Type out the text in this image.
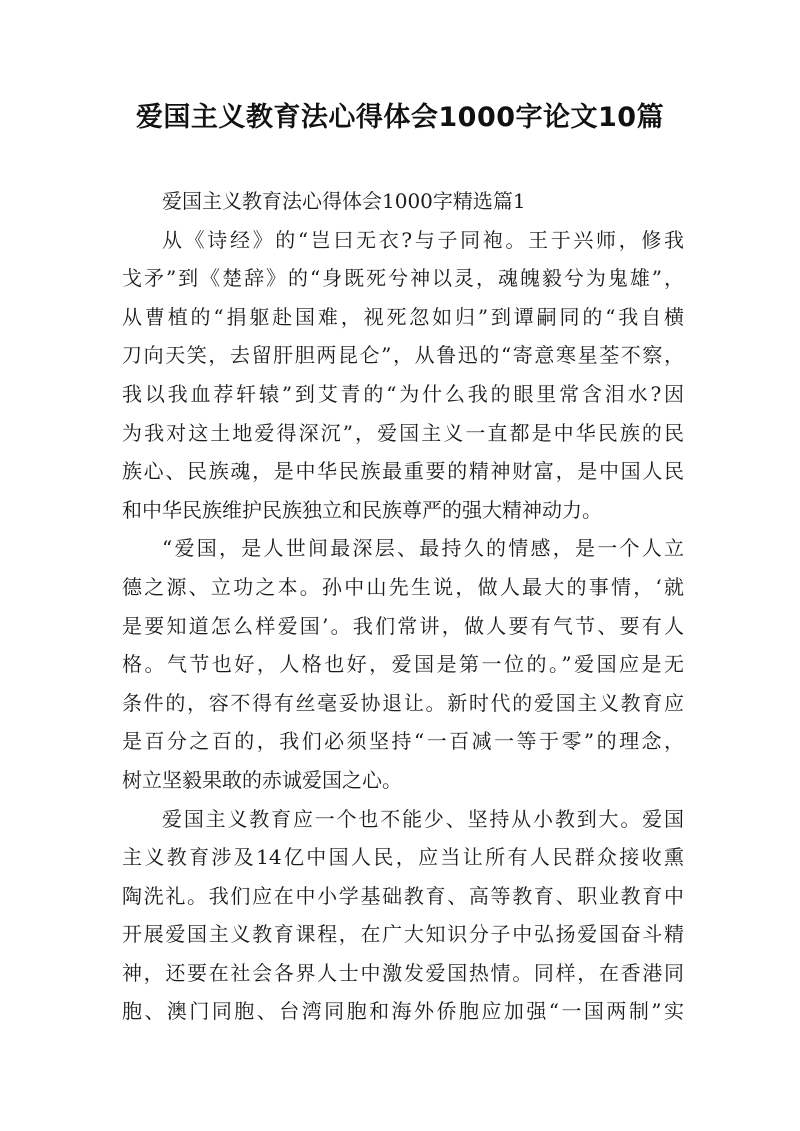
爱国主义教育法心得体会1000字论文10篇
爱国主义教育法心得体会1000字精选篇1
从《诗经》的“岂曰无衣?与子同袍。王于兴师，修我
戈矛”到《楚辞》的“身既死兮神以灵，魂魄毅兮为鬼雄”，
从曹植的“捐躯赴国难，视死忽如归”到谭嗣同的“我自横
刀向天笑，去留肝胆两昆仑”，从鲁迅的“寄意寒星荃不察，
我以我血荐轩辕”到艾青的“为什么我的眼里常含泪水?因
为我对这土地爱得深沉”，爱国主义一直都是中华民族的民
族心、民族魂，是中华民族最重要的精神财富，是中国人民
和中华民族维护民族独立和民族尊严的强大精神动力。
“爱国，是人世间最深层、最持久的情感，是一个人立
德之源、立功之本。孙中山先生说，做人最大的事情，‘就
是要知道怎么样爱国’。我们常讲，做人要有气节、要有人
格。气节也好，人格也好，爱国是第一位的。”爱国应是无
条件的，容不得有丝毫妥协退让。新时代的爱国主义教育应
是百分之百的，我们必须坚持“一百减一等于零”的理念，
树立坚毅果敢的赤诚爱国之心。
爱国主义教育应一个也不能少、坚持从小教到大。爱国
主义教育涉及14亿中国人民，应当让所有人民群众接收熏
陶洗礼。我们应在中小学基础教育、高等教育、职业教育中
开展爱国主义教育课程，在广大知识分子中弘扬爱国奋斗精
神，还要在社会各界人士中激发爱国热情。同样，在香港同
胞、澳门同胞、台湾同胞和海外侨胞应加强“一国两制”实
